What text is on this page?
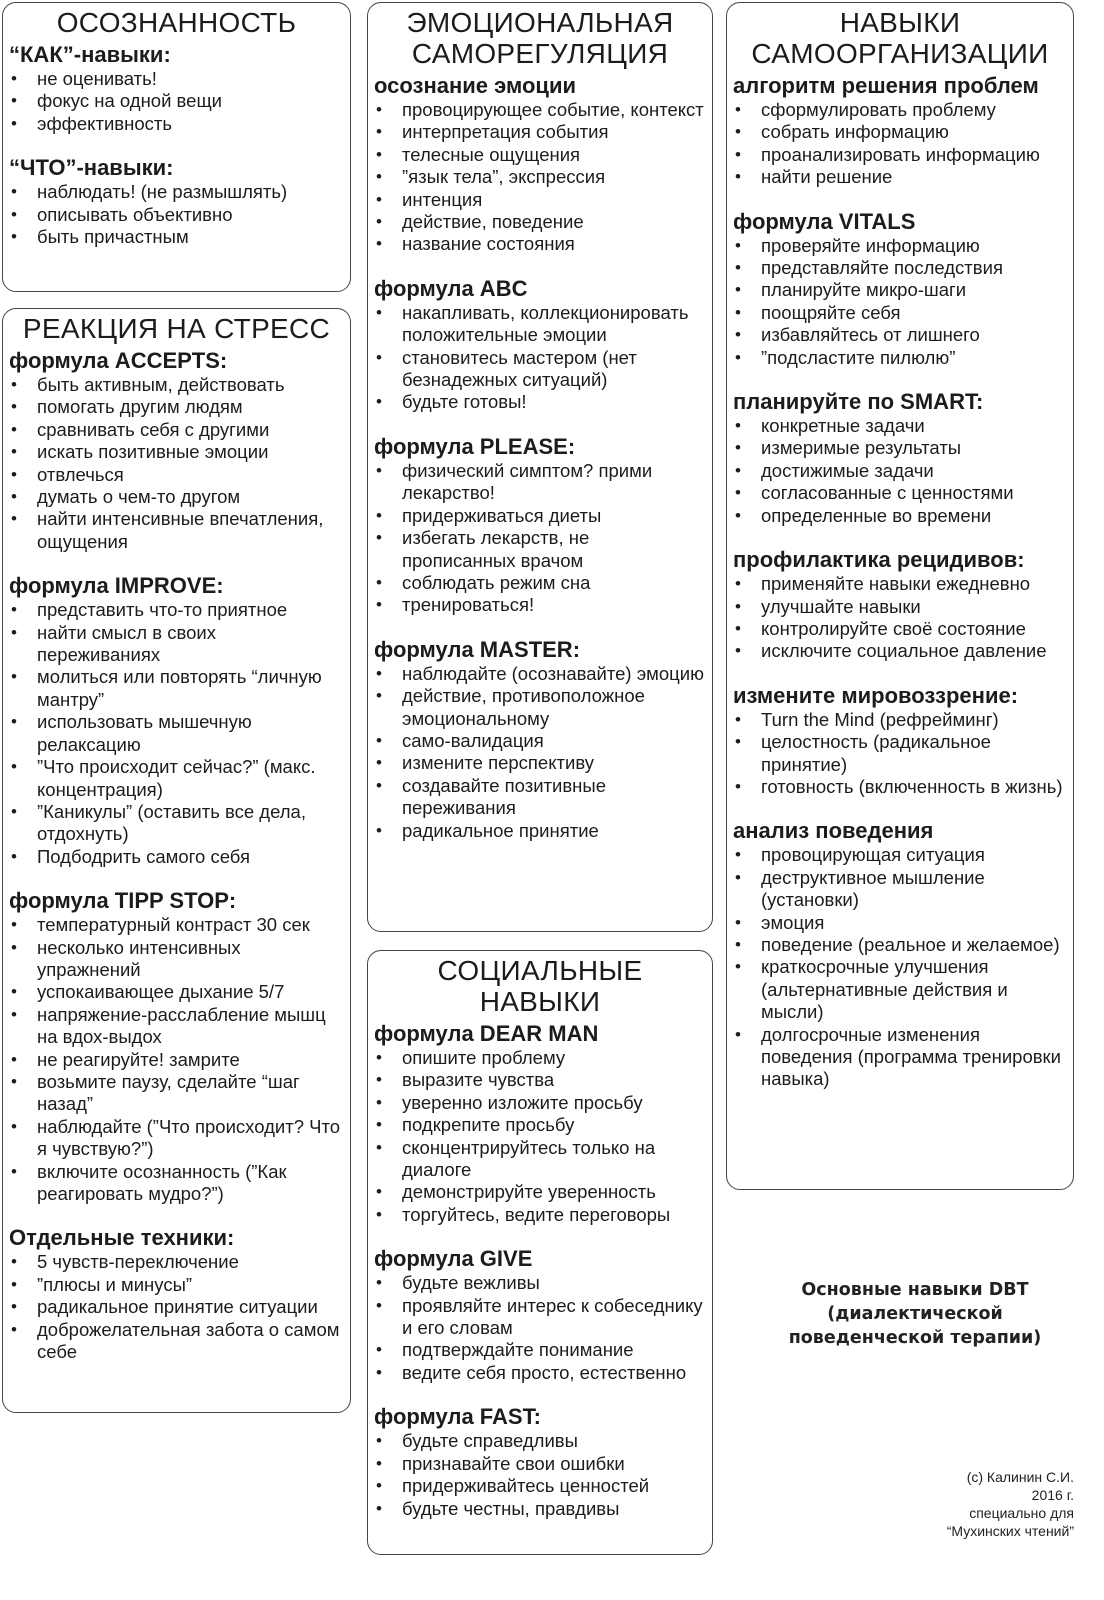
ОСОЗНАННОСТЬ
“КАК”-навыки:
• не оценивать!
• фокус на одной вещи
• эффективность
“ЧТО”-навыки:
• наблюдать! (не размышлять)
• описывать объективно
• быть причастным
РЕАКЦИЯ НА СТРЕСС
формула ACCEPTS:
• быть активным, действовать
• помогать другим людям
• сравнивать себя с другими
• искать позитивные эмоции
• отвлечься
• думать о чем-то другом
• найти интенсивные впечатления, ощущения
формула IMPROVE:
• представить что-то приятное
• найти смысл в своих переживаниях
• молиться или повторять “личную мантру”
• использовать мышечную релаксацию
• ”Что происходит сейчас?” (макс. концентрация)
• ”Каникулы” (оставить все дела, отдохнуть)
• Подбодрить самого себя
формула TIPP STOP:
• температурный контраст 30 сек
• несколько интенсивных упражнений
• успокаивающее дыхание 5/7
• напряжение-расслабление мышц на вдох-выдох
• не реагируйте! замрите
• возьмите паузу, сделайте “шаг назад”
• наблюдайте (”Что происходит? Что я чувствую?”)
• включите осознанность (”Как реагировать мудро?”)
Отдельные техники:
• 5 чувств-переключение
• ”плюсы и минусы”
• радикальное принятие ситуации
• доброжелательная забота о самом себе
ЭМОЦИОНАЛЬНАЯ
САМОРЕГУЛЯЦИЯ
осознание эмоции
• провоцирующее событие, контекст
• интерпретация события
• телесные ощущения
• ”язык тела”, экспрессия
• интенция
• действие, поведение
• название состояния
формула ABC
• накапливать, коллекционировать положительные эмоции
• становитесь мастером (нет безнадежных ситуаций)
• будьте готовы!
формула PLEASE:
• физический симптом? прими лекарство!
• придерживаться диеты
• избегать лекарств, не прописанных врачом
• соблюдать режим сна
• тренироваться!
формула MASTER:
• наблюдайте (осознавайте) эмоцию
• действие, противоположное эмоциональному
• само-валидация
• измените перспективу
• создавайте позитивные переживания
• радикальное принятие
СОЦИАЛЬНЫЕ
НАВЫКИ
формула DEAR MAN
• опишите проблему
• выразите чувства
• уверенно изложите просьбу
• подкрепите просьбу
• сконцентрируйтесь только на диалоге
• демонстрируйте уверенность
• торгуйтесь, ведите переговоры
формула GIVE
• будьте вежливы
• проявляйте интерес к собеседнику и его словам
• подтверждайте понимание
• ведите себя просто, естественно
формула FAST:
• будьте справедливы
• признавайте свои ошибки
• придерживайтесь ценностей
• будьте честны, правдивы
НАВЫКИ
САМООРГАНИЗАЦИИ
алгоритм решения проблем
• сформулировать проблему
• собрать информацию
• проанализировать информацию
• найти решение
формула VITALS
• проверяйте информацию
• представляйте последствия
• планируйте микро-шаги
• поощряйте себя
• избавляйтесь от лишнего
• ”подсластите пилюлю”
планируйте по SMART:
• конкретные задачи
• измеримые результаты
• достижимые задачи
• согласованные с ценностями
• определенные во времени
профилактика рецидивов:
• применяйте навыки ежедневно
• улучшайте навыки
• контролируйте своё состояние
• исключите социальное давление
измените мировоззрение:
• Turn the Mind (рефрейминг)
• целостность (радикальное принятие)
• готовность (включенность в жизнь)
анализ поведения
• провоцирующая ситуация
• деструктивное мышление (установки)
• эмоция
• поведение (реальное и желаемое)
• краткосрочные улучшения (альтернативные действия и мысли)
• долгосрочные изменения поведения (программа тренировки навыка)
Основные навыки DBT (диалектической поведенческой терапии)
(с) Калинин С.И.
2016 г.
специально для
“Мухинских чтений”
